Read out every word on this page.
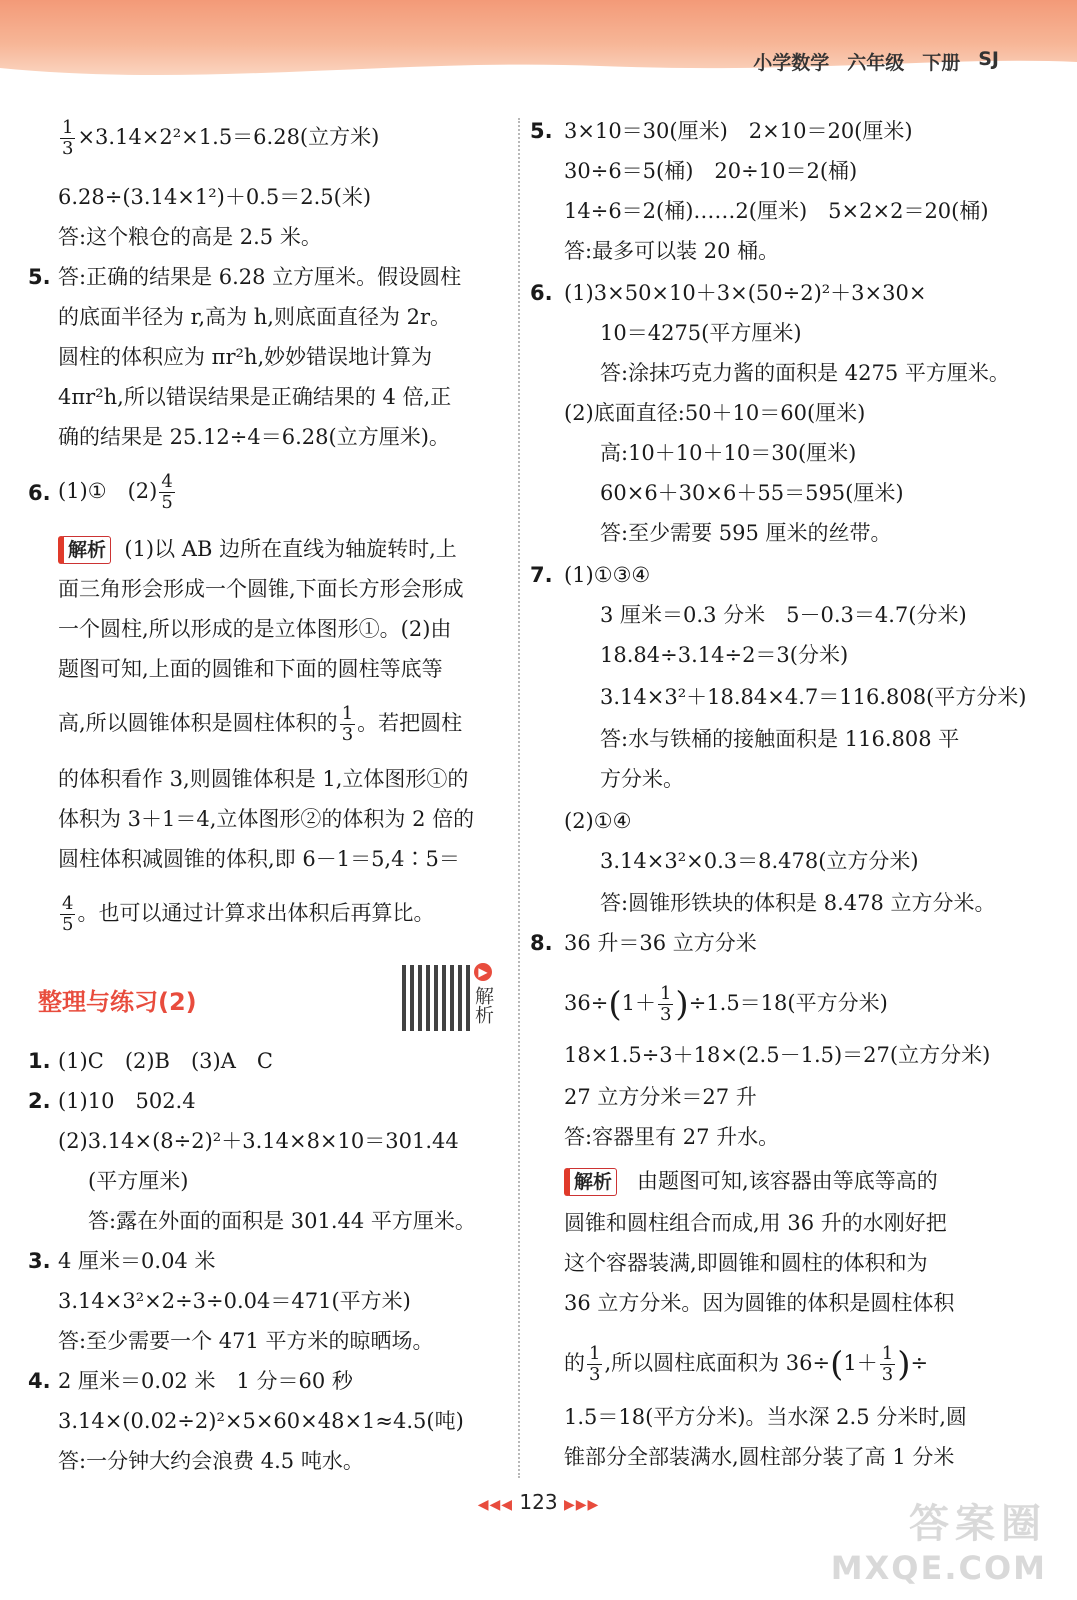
小学数学 六年级 下册 SJ
$\frac{1}{3} \times 3.14\times 2^2\times 1.5=6.28$(立方米)
6.28÷(3.14×1²)＋0.5＝2.5(米)
答:这个粮仓的高是 2.5 米。
5. 答:正确的结果是 6.28 立方厘米。假设圆柱
的底面半径为 r,高为 h,则底面直径为 2r。
圆柱的体积应为 πr²h,妙妙错误地计算为
4πr²h,所以错误结果是正确结果的 4 倍,正
确的结果是 25.12÷4＝6.28(立方厘米)。
6. (1)①　$(2) \frac{4}{5}$
解析 (1)以 AB 边所在直线为轴旋转时,上
面三角形会形成一个圆锥,下面长方形会形成
一个圆柱,所以形成的是立体图形①。(2)由
题图可知,上面的圆锥和下面的圆柱等底等
高,所以圆锥体积是圆柱体积的 $\frac{1}{3}$ 。若把圆柱
的体积看作 3,则圆锥体积是 1,立体图形①的
体积为 3＋1＝4,立体图形②的体积为 2 倍的
圆柱体积减圆锥的体积,即 6－1＝5,4∶5＝
$\frac{4}{5}$ 。也可以通过计算求出体积后再算比。
1. (1)C　(2)B　(3)A　C
2. (1)10　502.4
(2)3.14×(8÷2)²＋3.14×8×10＝301.44
(平方厘米)
答:露在外面的面积是 301.44 平方厘米。
3. 4 厘米＝0.04 米
3.14×3²×2÷3÷0.04＝471(平方米)
答:至少需要一个 471 平方米的晾晒场。
4. 2 厘米＝0.02 米　1 分＝60 秒
3.14×(0.02÷2)²×5×60×48×1≈4.5(吨)
答:一分钟大约会浪费 4.5 吨水。
整理与练习(2)
▶
解析
5. 3×10＝30(厘米)　2×10＝20(厘米)
30÷6＝5(桶)　20÷10＝2(桶)
14÷6＝2(桶)……2(厘米)　5×2×2＝20(桶)
答:最多可以装 20 桶。
6. (1)3×50×10＋3×(50÷2)²＋3×30×
10＝4275(平方厘米)
答:涂抹巧克力酱的面积是 4275 平方厘米。
(2)底面直径:50＋10＝60(厘米)
高:10＋10＋10＝30(厘米)
60×6＋30×6＋55＝595(厘米)
答:至少需要 595 厘米的丝带。
7. (1)①③④
3 厘米＝0.3 分米　5－0.3＝4.7(分米)
18.84÷3.14÷2＝3(分米)
3.14×3²＋18.84×4.7＝116.808(平方分米)
答:水与铁桶的接触面积是 116.808 平
方分米。
(2)①④
3.14×3²×0.3＝8.478(立方分米)
答:圆锥形铁块的体积是 8.478 立方分米。
8. 36 升＝36 立方分米
$36\div(1+ \frac{1}{3} )\div 1.5=18$(平方分米)
18×1.5÷3＋18×(2.5－1.5)＝27(立方分米)
27 立方分米＝27 升
答:容器里有 27 升水。
解析 由题图可知,该容器由等底等高的
圆锥和圆柱组合而成,用 36 升的水刚好把
这个容器装满,即圆锥和圆柱的体积和为
36 立方分米。因为圆锥的体积是圆柱体积
的 $\frac{1}{3}$ ,所以圆柱底面积为 $36\div(1+ \frac{1}{3}$ )÷
1.5＝18(平方分米)。当水深 2.5 分米时,圆
锥部分全部装满水,圆柱部分装了高 1 分米
◀◀◀ 123 ▶▶▶	答案圈
MXQE.COM
